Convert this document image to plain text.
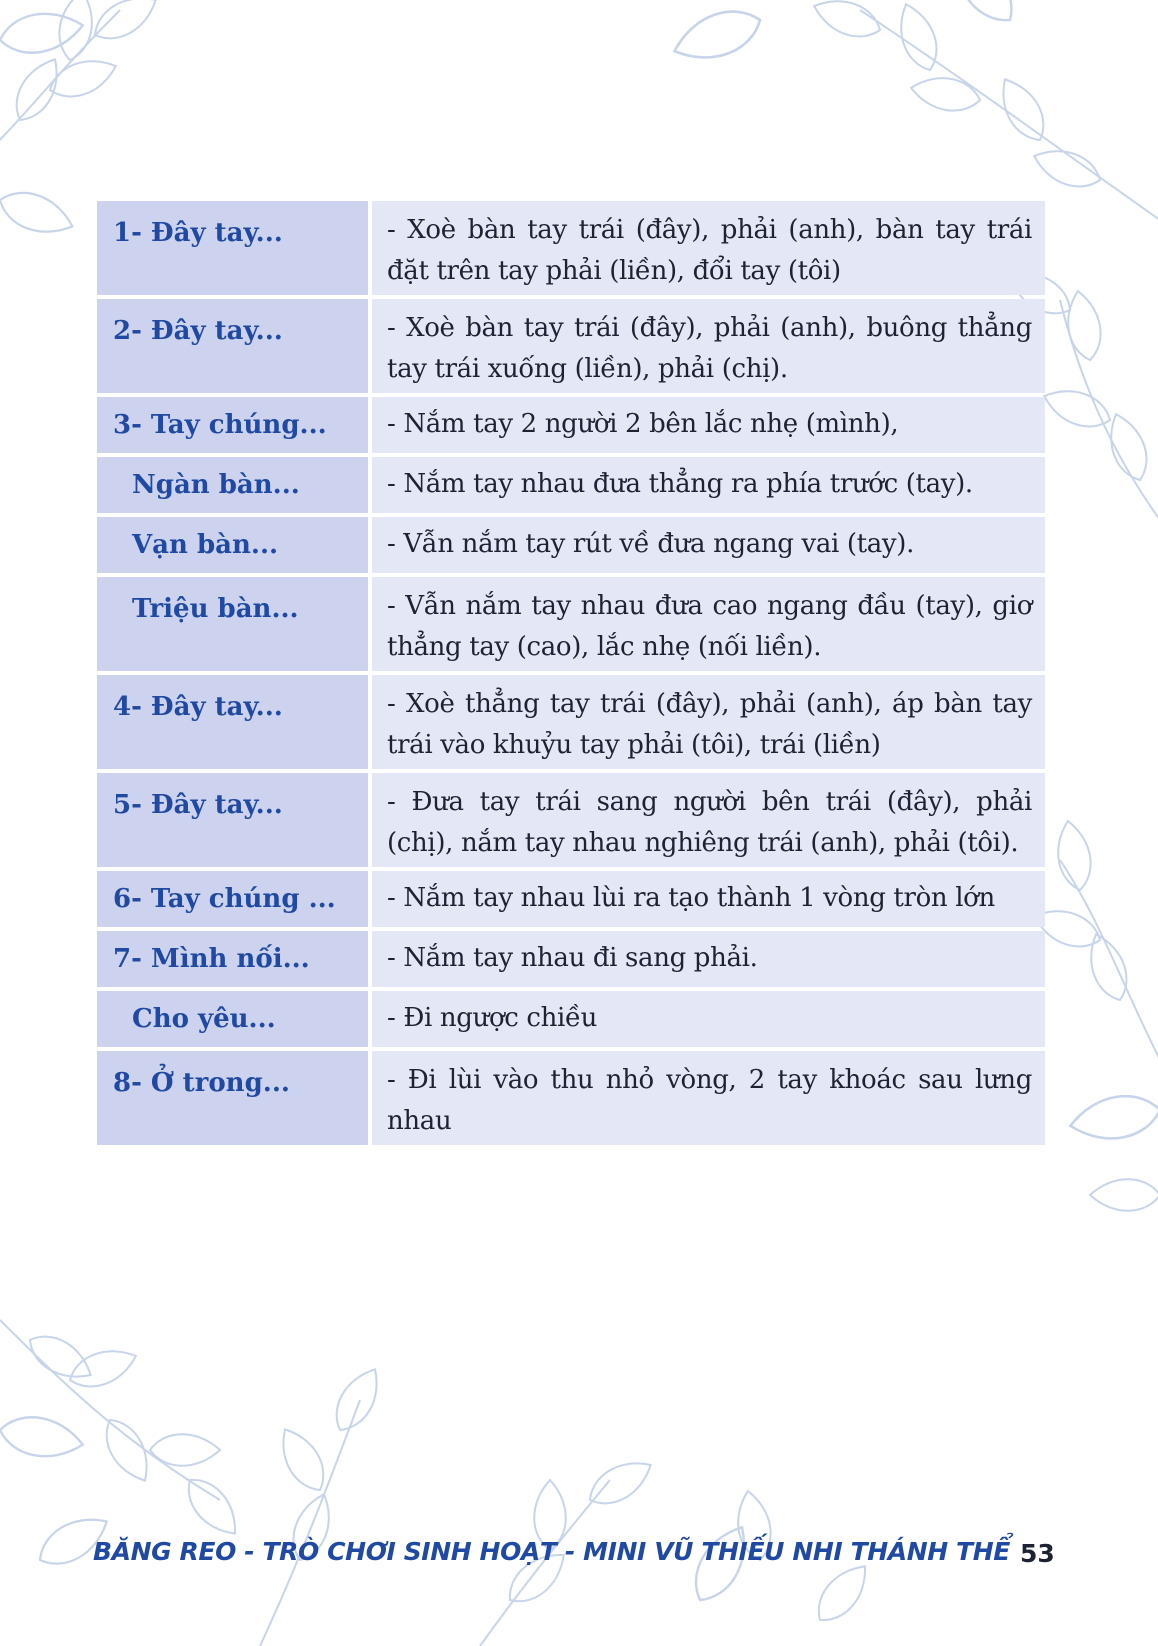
1- Đây tay...	- Xoè bàn tay trái (đây), phải (anh), bàn tay trái đặt trên tay phải (liền), đổi tay (tôi)
2- Đây tay...	- Xoè bàn tay trái (đây), phải (anh), buông thẳng tay trái xuống (liền), phải (chị).
3- Tay chúng...	- Nắm tay 2 người 2 bên lắc nhẹ (mình),
Ngàn bàn...	- Nắm tay nhau đưa thẳng ra phía trước (tay).
Vạn bàn...	- Vẫn nắm tay rút về đưa ngang vai (tay).
Triệu bàn...	- Vẫn nắm tay nhau đưa cao ngang đầu (tay), giơ thẳng tay (cao), lắc nhẹ (nối liền).
4- Đây tay...	- Xoè thẳng tay trái (đây), phải (anh), áp bàn tay trái vào khuỷu tay phải (tôi), trái (liền)
5- Đây tay...	- Đưa tay trái sang người bên trái (đây), phải (chị), nắm tay nhau nghiêng trái (anh), phải (tôi).
6- Tay chúng ...	- Nắm tay nhau lùi ra tạo thành 1 vòng tròn lớn
7- Mình nối...	- Nắm tay nhau đi sang phải.
Cho yêu...	- Đi ngược chiều
8- Ở trong...	- Đi lùi vào thu nhỏ vòng, 2 tay khoác sau lưng nhau
BĂNG REO - TRÒ CHƠI SINH HOẠT - MINI VŨ THIẾU NHI THÁNH THỂ 53
